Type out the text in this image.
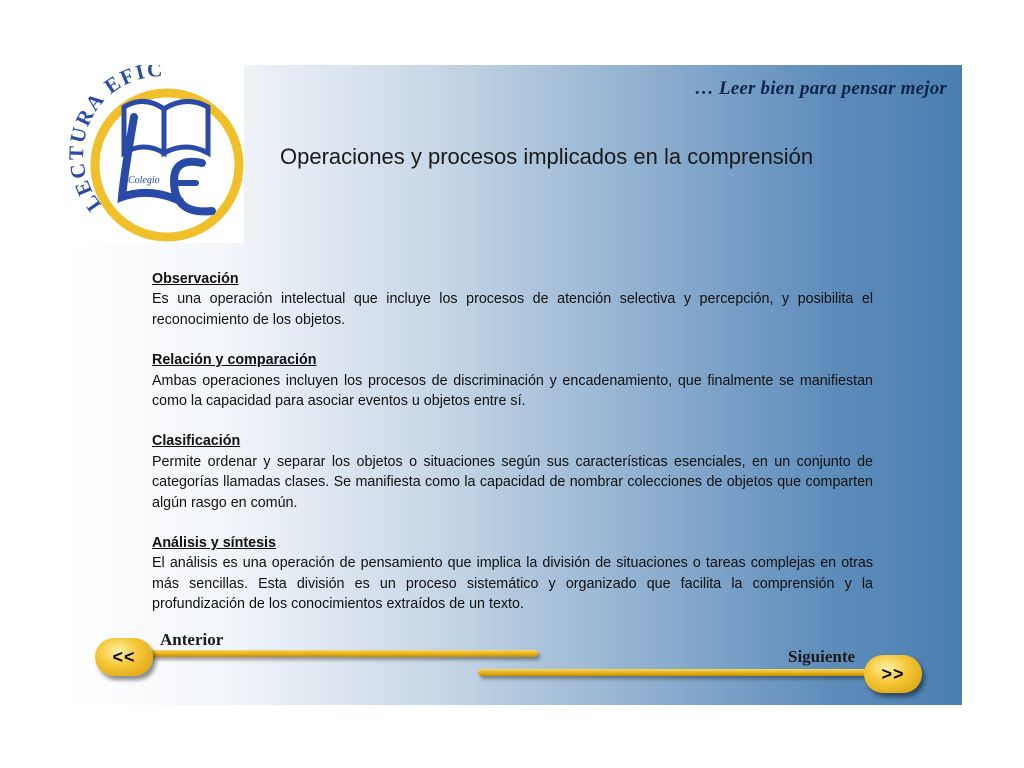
LECTURA EFIC
Colegio
Muñoz
… Leer bien para pensar mejor
Operaciones y procesos implicados en la comprensión
Observación

Es una operación intelectual que incluye los procesos de atención selectiva y percepción, y posibilita el reconocimiento de los objetos.

Relación y comparación

Ambas operaciones incluyen los procesos de discriminación y encadenamiento, que finalmente se manifiestan como la capacidad para asociar eventos u objetos entre sí.

Clasificación

Permite ordenar y separar los objetos o situaciones según sus características esenciales, en un conjunto de categorías llamadas clases. Se manifiesta como la capacidad de nombrar colecciones de objetos que comparten algún rasgo en común.

Análisis y síntesis

El análisis es una operación de pensamiento que implica la división de situaciones o tareas complejas en otras más sencillas. Esta división es un proceso sistemático y organizado que facilita la comprensión y la profundización de los conocimientos extraídos de un texto.

Anterior
<<	Siguiente
>>
